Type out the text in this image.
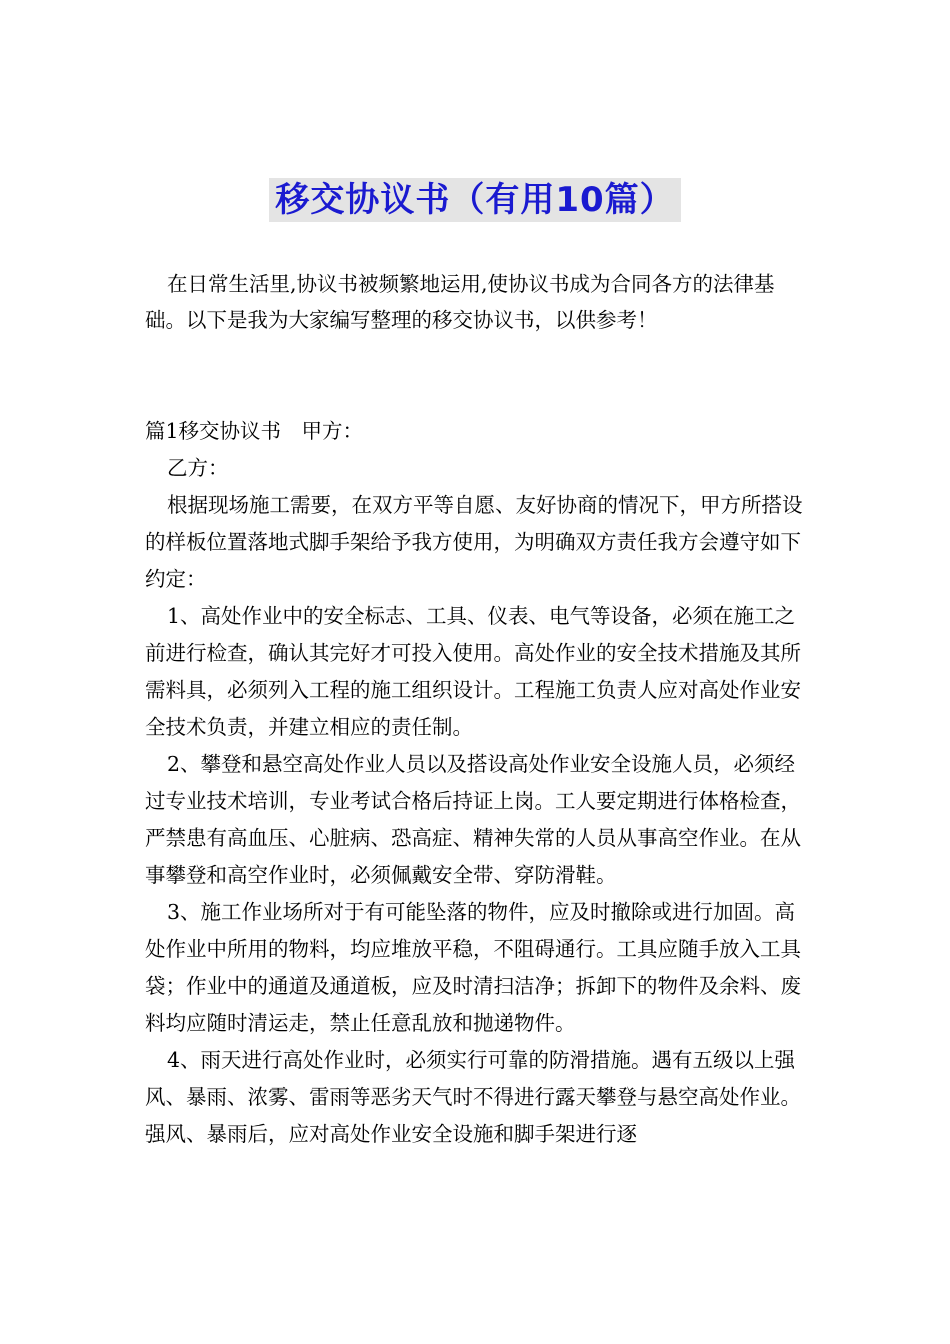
移交协议书（有用10篇）

在日常生活里,协议书被频繁地运用,使协议书成为合同各方的法律基础。以下是我为大家编写整理的移交协议书，以供参考！

篇1移交协议书　甲方：

乙方：

根据现场施工需要，在双方平等自愿、友好协商的情况下，甲方所搭设的样板位置落地式脚手架给予我方使用，为明确双方责任我方会遵守如下约定：

1、高处作业中的安全标志、工具、仪表、电气等设备，必须在施工之前进行检查，确认其完好才可投入使用。高处作业的安全技术措施及其所需料具，必须列入工程的施工组织设计。工程施工负责人应对高处作业安全技术负责，并建立相应的责任制。

2、攀登和悬空高处作业人员以及搭设高处作业安全设施人员，必须经过专业技术培训，专业考试合格后持证上岗。工人要定期进行体格检查，严禁患有高血压、心脏病、恐高症、精神失常的人员从事高空作业。在从事攀登和高空作业时，必须佩戴安全带、穿防滑鞋。

3、施工作业场所对于有可能坠落的物件，应及时撤除或进行加固。高处作业中所用的物料，均应堆放平稳，不阻碍通行。工具应随手放入工具袋；作业中的通道及通道板，应及时清扫洁净；拆卸下的物件及余料、废料均应随时清运走，禁止任意乱放和抛递物件。

4、雨天进行高处作业时，必须实行可靠的防滑措施。遇有五级以上强风、暴雨、浓雾、雷雨等恶劣天气时不得进行露天攀登与悬空高处作业。强风、暴雨后，应对高处作业安全设施和脚手架进行逐
